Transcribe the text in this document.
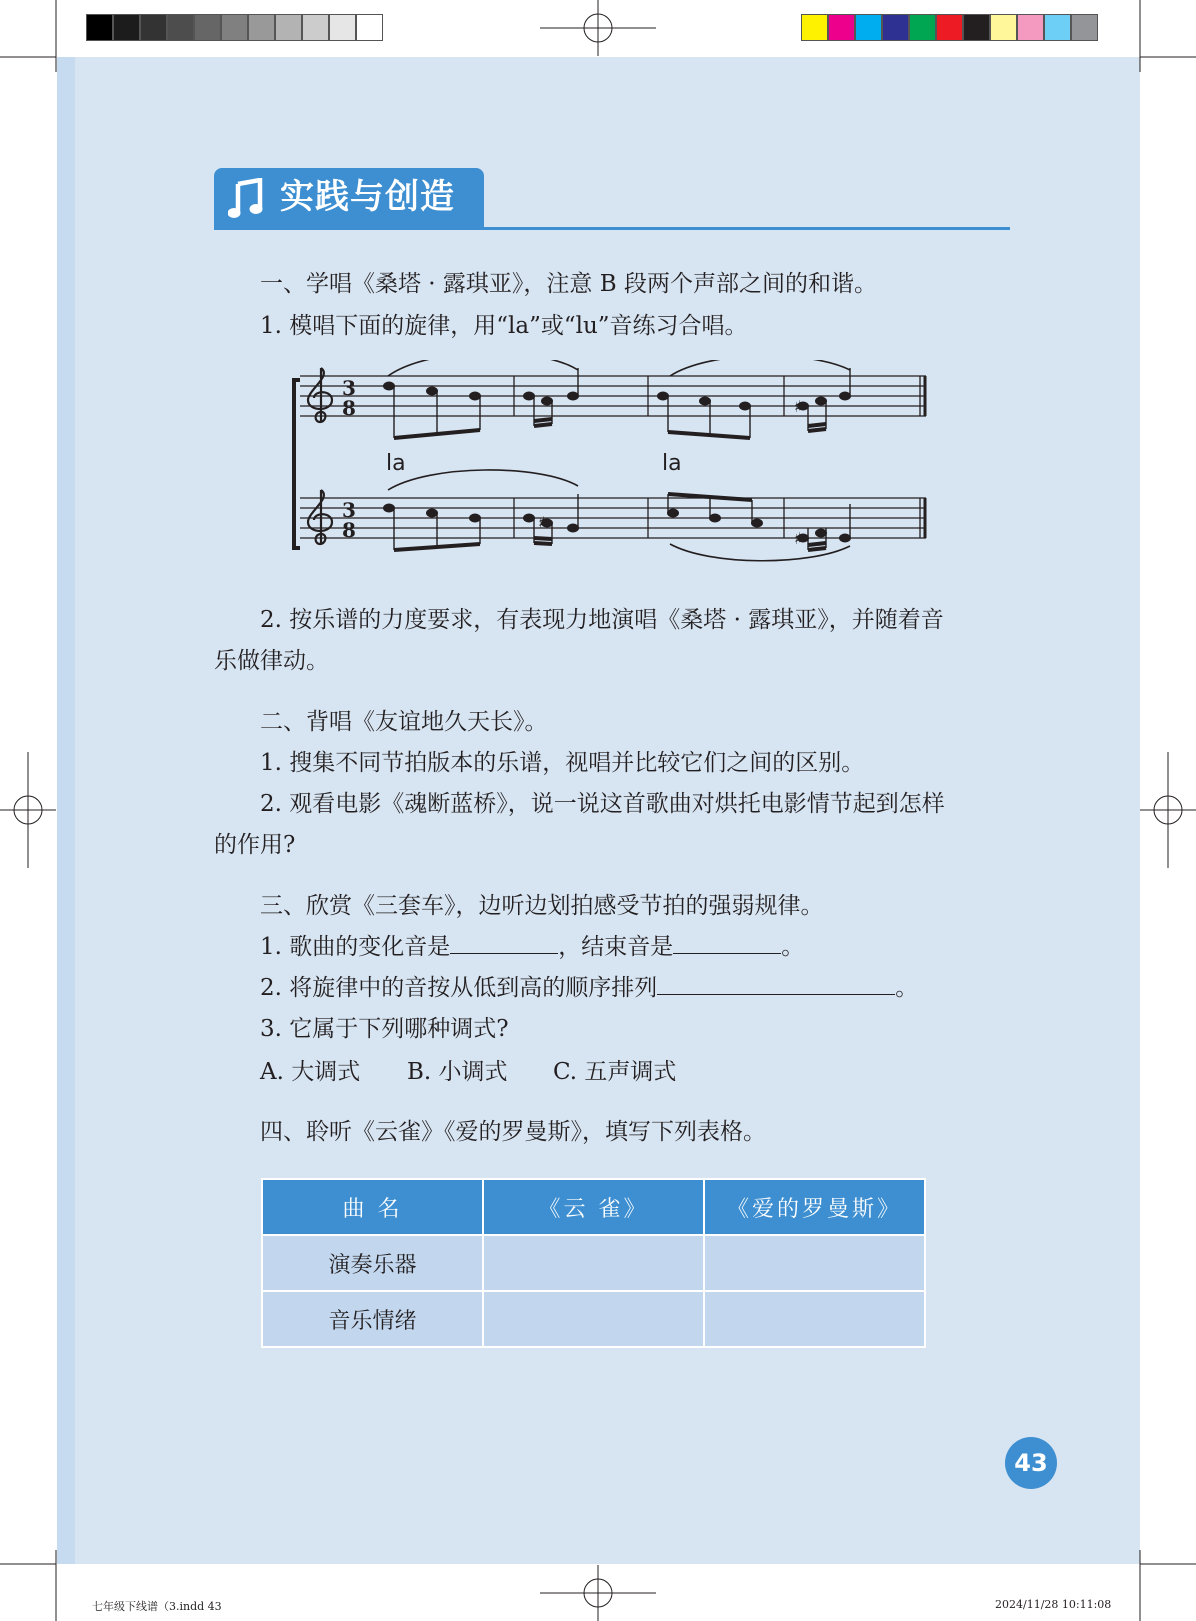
实践与创造
一、学唱《桑塔 · 露琪亚》，注意 B 段两个声部之间的和谐。
1. 模唱下面的旋律，用“la”或“lu”音练习合唱。
♯
♯
♯
3
8
3
8
la	la
2. 按乐谱的力度要求，有表现力地演唱《桑塔 · 露琪亚》，并随着音
乐做律动。
二、背唱《友谊地久天长》。
1. 搜集不同节拍版本的乐谱，视唱并比较它们之间的区别。
2. 观看电影《魂断蓝桥》，说一说这首歌曲对烘托电影情节起到怎样
的作用?
三、欣赏《三套车》，边听边划拍感受节拍的强弱规律。
1. 歌曲的变化音是	，结束音是	。
2. 将旋律中的音按从低到高的顺序排列	。
3. 它属于下列哪种调式?
A. 大调式 B. 小调式 C. 五声调式
四、聆听《云雀》《爱的罗曼斯》，填写下列表格。
曲 名	《云 雀》	《爱的罗曼斯》
演奏乐器		
音乐情绪		
43
七年级下线谱（3.indd 43	2024/11/28 10:11:08
